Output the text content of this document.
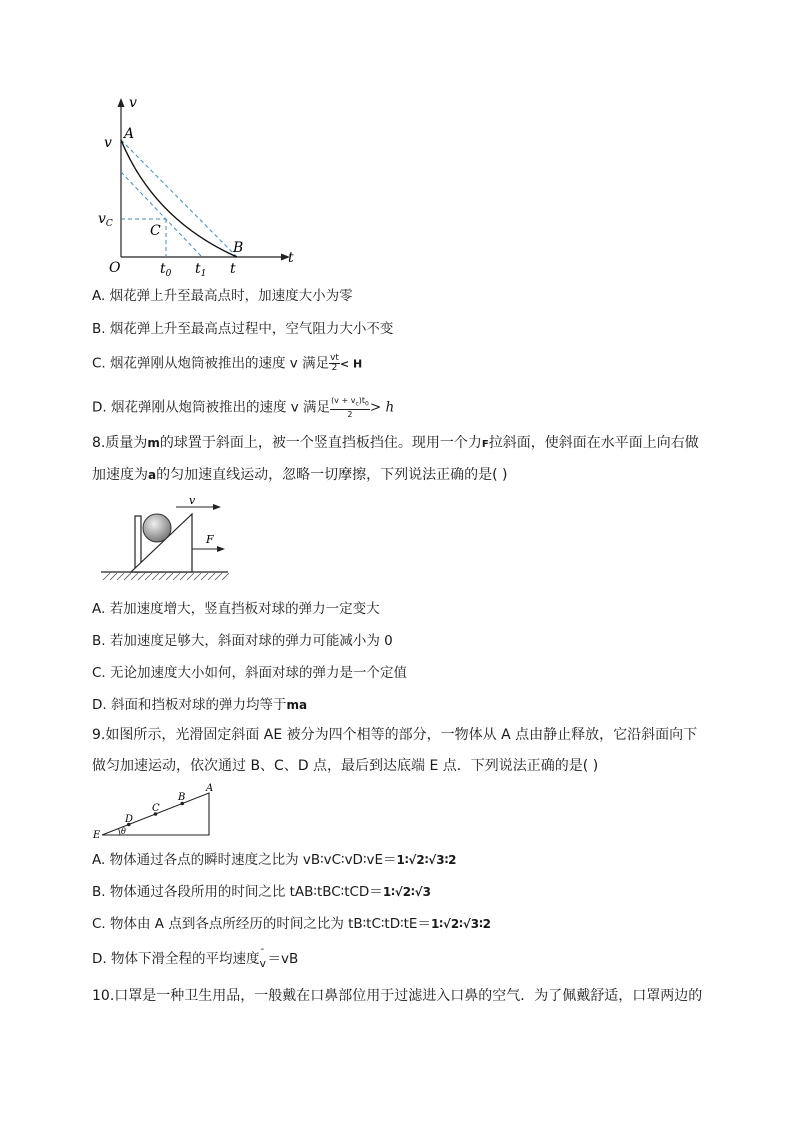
v
t
A
B
C
O
v
$v_C$
$t_0$ $t_1$ t
A. 烟花弹上升至最高点时，加速度大小为零
B. 烟花弹上升至最高点过程中，空气阻力大小不变
C. 烟花弹刚从炮筒被推出的速度 v 满足 $\frac{vt}{2} < H$
D. 烟花弹刚从炮筒被推出的速度 v 满足 $\frac{(v + v_c)t_0}{2} > h$
8.质量为m的球置于斜面上，被一个竖直挡板挡住。现用一个力F拉斜面，使斜面在水平面上向右做
加速度为a的匀加速直线运动，忽略一切摩擦，下列说法正确的是( )
v
F
A. 若加速度增大，竖直挡板对球的弹力一定变大
B. 若加速度足够大，斜面对球的弹力可能减小为 0
C. 无论加速度大小如何，斜面对球的弹力是一个定值
D. 斜面和挡板对球的弹力均等于ma
9.如图所示，光滑固定斜面 AE 被分为四个相等的部分，一物体从 A 点由静止释放，它沿斜面向下
做匀加速运动，依次通过 B、C、D 点，最后到达底端 E 点．下列说法正确的是( )
A
B
C
D
E	θ
A. 物体通过各点的瞬时速度之比为 vB∶vC∶vD∶vE＝1∶√2∶√3∶2
B. 物体通过各段所用的时间之比 tAB∶tBC∶tCD＝1∶√2∶√3
C. 物体由 A 点到各点所经历的时间之比为 tB∶tC∶tD∶tE＝1∶√2∶√3∶2
D. 物体下滑全程的平均速度
-
v＝vB
10.口罩是一种卫生用品，一般戴在口鼻部位用于过滤进入口鼻的空气．为了佩戴舒适，口罩两边的
